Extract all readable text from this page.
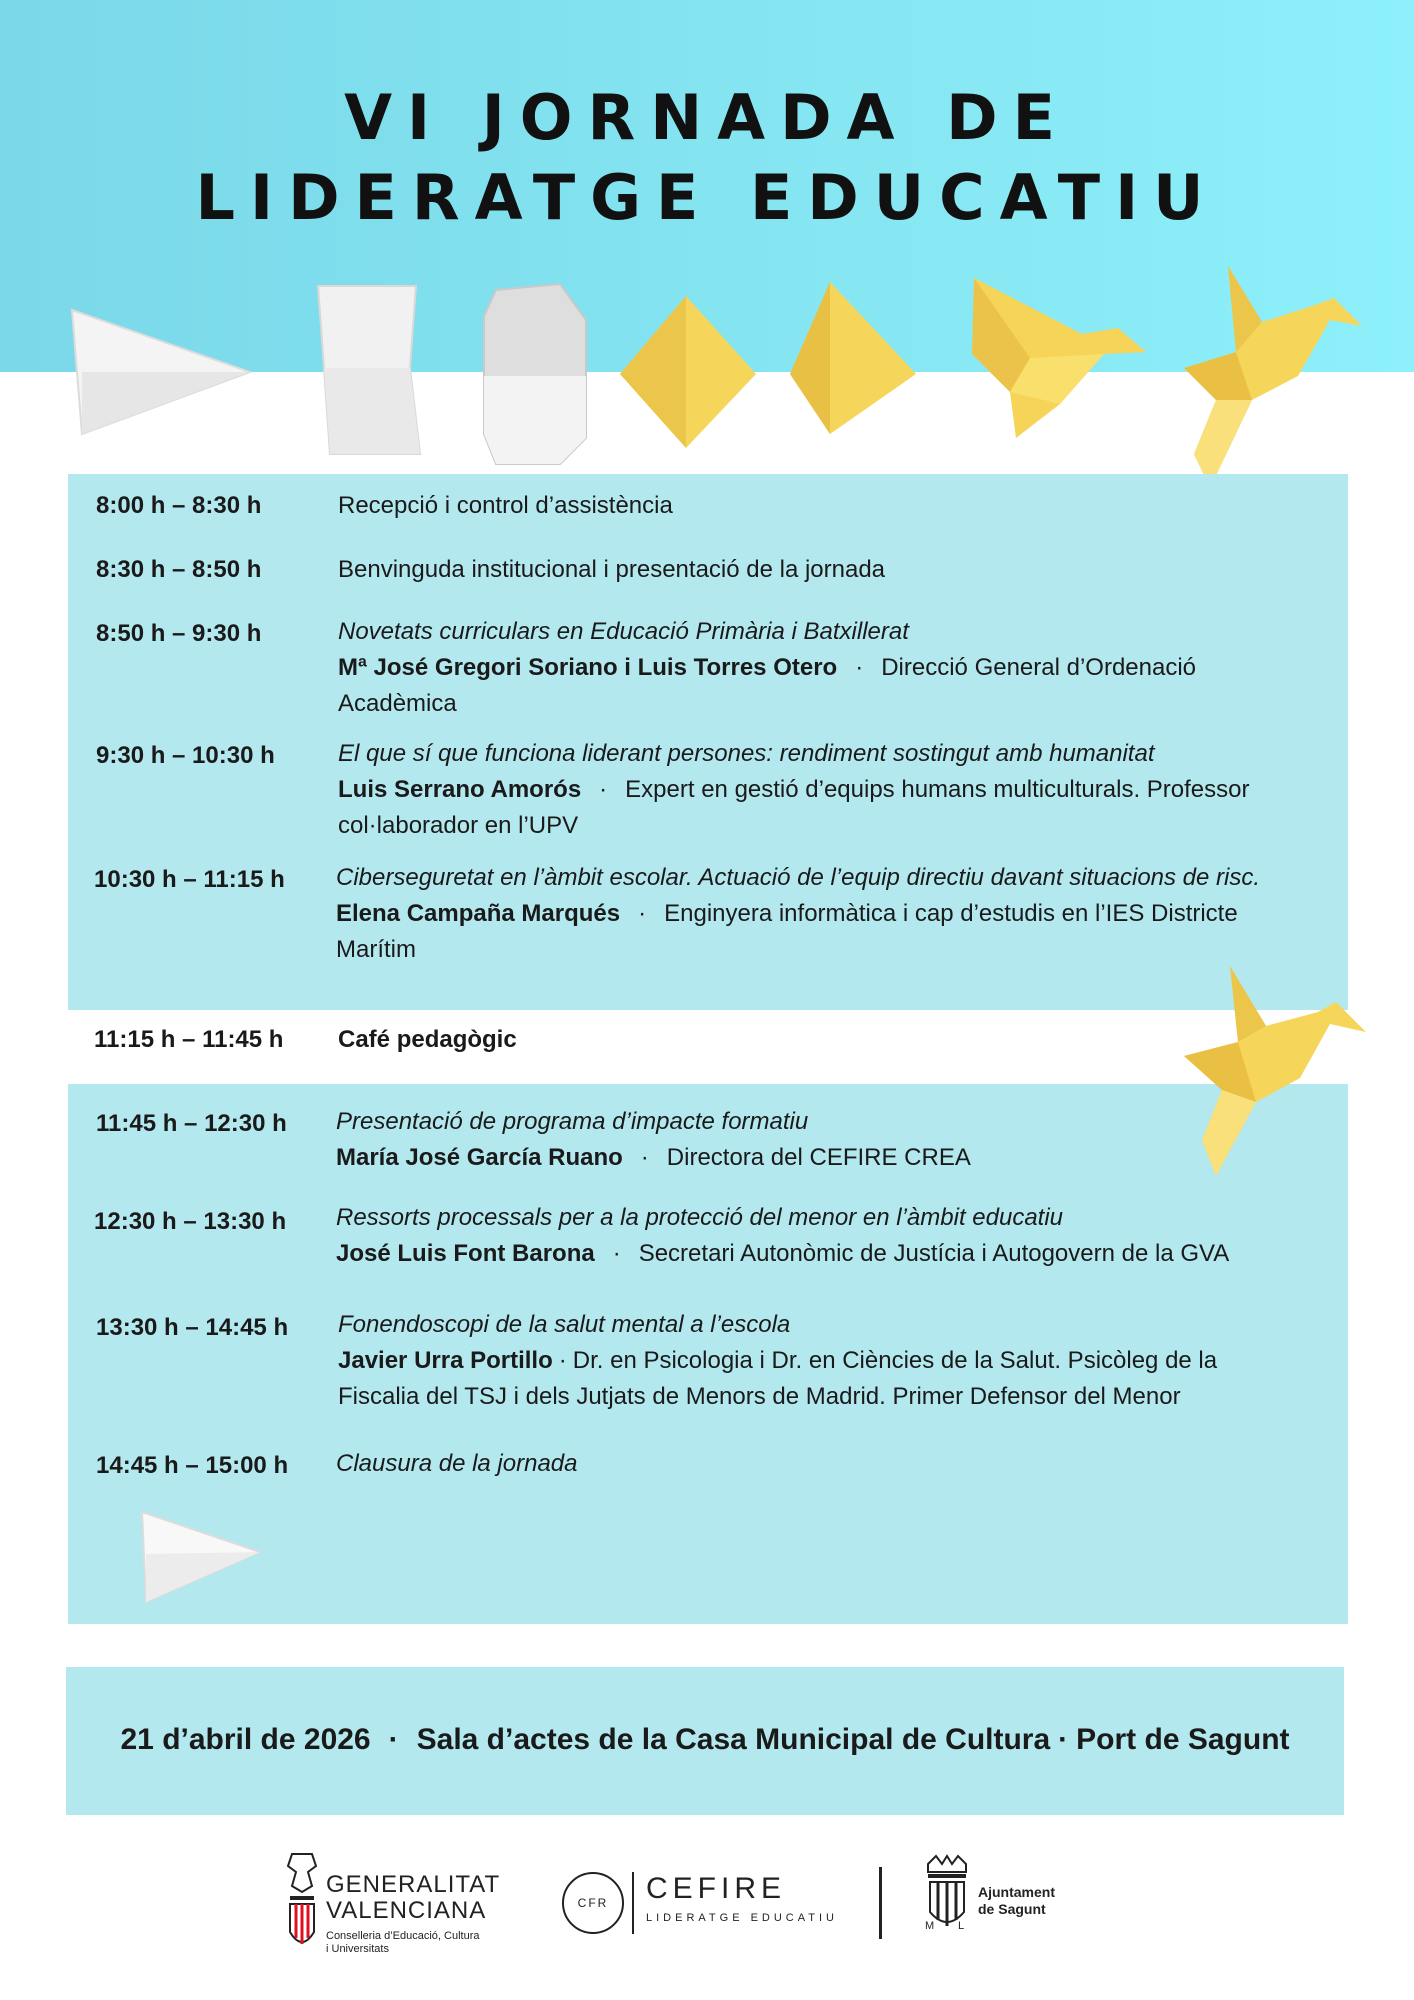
VI JORNADA DE
LIDERATGE EDUCATIU
8:00 h – 8:30 h	Recepció i control d’assistència
8:30 h – 8:50 h	Benvinguda institucional i presentació de la jornada
8:50 h – 9:30 h	Novetats curriculars en Educació Primària i Batxillerat
Mª José Gregori Soriano i Luis Torres Otero · Direcció General d’Ordenació Acadèmica
9:30 h – 10:30 h	El que sí que funciona liderant persones: rendiment sostingut amb humanitat
Luis Serrano Amorós · Expert en gestió d’equips humans multiculturals. Professor col·laborador en l’UPV
10:30 h – 11:15 h Ciberseguretat en l’àmbit escolar. Actuació de l’equip directiu davant situacions de risc.
Elena Campaña Marqués · Enginyera informàtica i cap d’estudis en l’IES Districte Marítim
11:15 h – 11:45 h Café pedagògic
11:45 h – 12:30 h Presentació de programa d’impacte formatiu
María José García Ruano · Directora del CEFIRE CREA
12:30 h – 13:30 h Ressorts processals per a la protecció del menor en l’àmbit educatiu
José Luis Font Barona · Secretari Autonòmic de Justícia i Autogovern de la GVA
13:30 h – 14:45 h Fonendoscopi de la salut mental a l’escola
Javier Urra Portillo · Dr. en Psicologia i Dr. en Ciències de la Salut. Psicòleg de la Fiscalia del TSJ i dels Jutjats de Menors de Madrid. Primer Defensor del Menor
14:45 h – 15:00 h Clausura de la jornada
21 d’abril de 2026 · Sala d’actes de la Casa Municipal de Cultura · Port de Sagunt
GENERALITAT
VALENCIANA
Conselleria d’Educació, Cultura
i Universitats
CFR	CEFIRE
LIDERATGE EDUCATIU
M L
Ajuntament
de Sagunt
